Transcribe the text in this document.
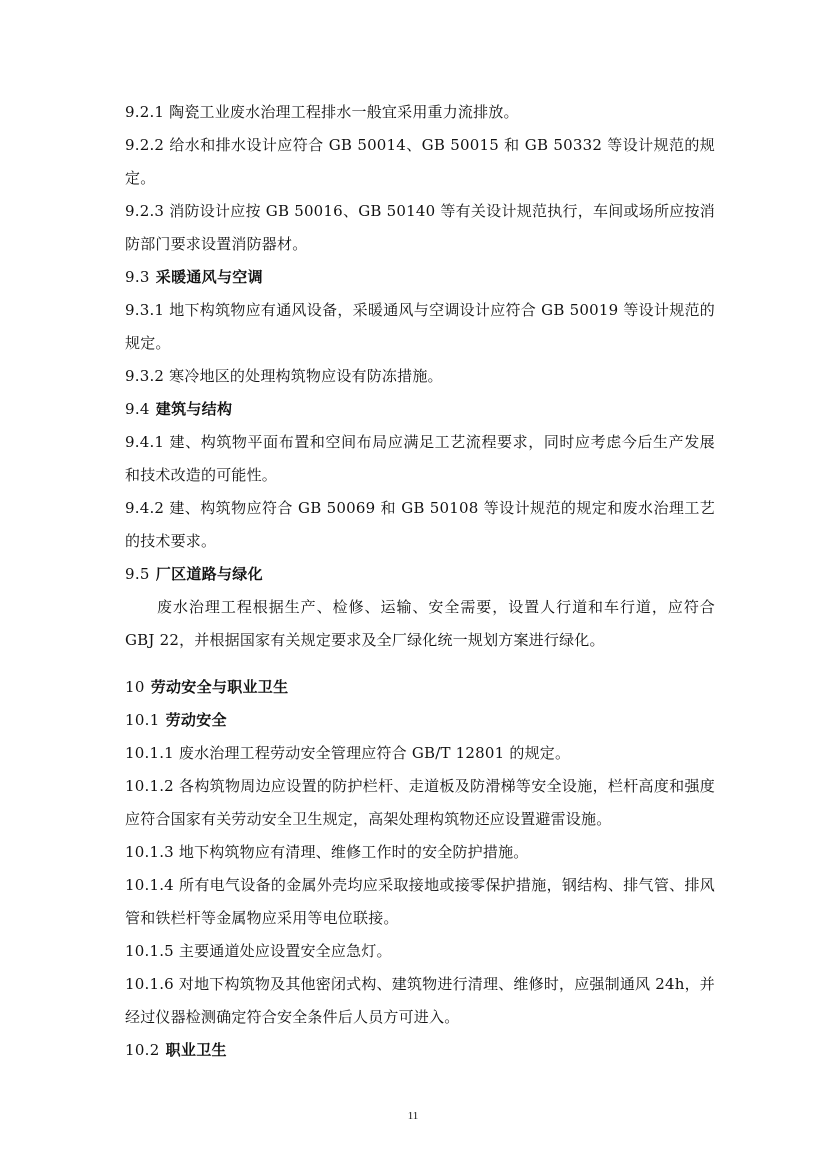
9.2.1 陶瓷工业废水治理工程排水一般宜采用重力流排放。

9.2.2 给水和排水设计应符合 GB 50014、GB 50015 和 GB 50332 等设计规范的规定。

9.2.3 消防设计应按 GB 50016、GB 50140 等有关设计规范执行，车间或场所应按消防部门要求设置消防器材。

9.3 采暖通风与空调

9.3.1 地下构筑物应有通风设备，采暖通风与空调设计应符合 GB 50019 等设计规范的规定。

9.3.2 寒冷地区的处理构筑物应设有防冻措施。

9.4 建筑与结构

9.4.1 建、构筑物平面布置和空间布局应满足工艺流程要求，同时应考虑今后生产发展和技术改造的可能性。

9.4.2 建、构筑物应符合 GB 50069 和 GB 50108 等设计规范的规定和废水治理工艺的技术要求。

9.5 厂区道路与绿化

废水治理工程根据生产、检修、运输、安全需要，设置人行道和车行道，应符合 GBJ 22，并根据国家有关规定要求及全厂绿化统一规划方案进行绿化。

10 劳动安全与职业卫生

10.1 劳动安全

10.1.1 废水治理工程劳动安全管理应符合 GB/T 12801 的规定。

10.1.2 各构筑物周边应设置的防护栏杆、走道板及防滑梯等安全设施，栏杆高度和强度应符合国家有关劳动安全卫生规定，高架处理构筑物还应设置避雷设施。

10.1.3 地下构筑物应有清理、维修工作时的安全防护措施。

10.1.4 所有电气设备的金属外壳均应采取接地或接零保护措施，钢结构、排气管、排风管和铁栏杆等金属物应采用等电位联接。

10.1.5 主要通道处应设置安全应急灯。

10.1.6 对地下构筑物及其他密闭式构、建筑物进行清理、维修时，应强制通风 24h，并经过仪器检测确定符合安全条件后人员方可进入。

10.2 职业卫生

11
